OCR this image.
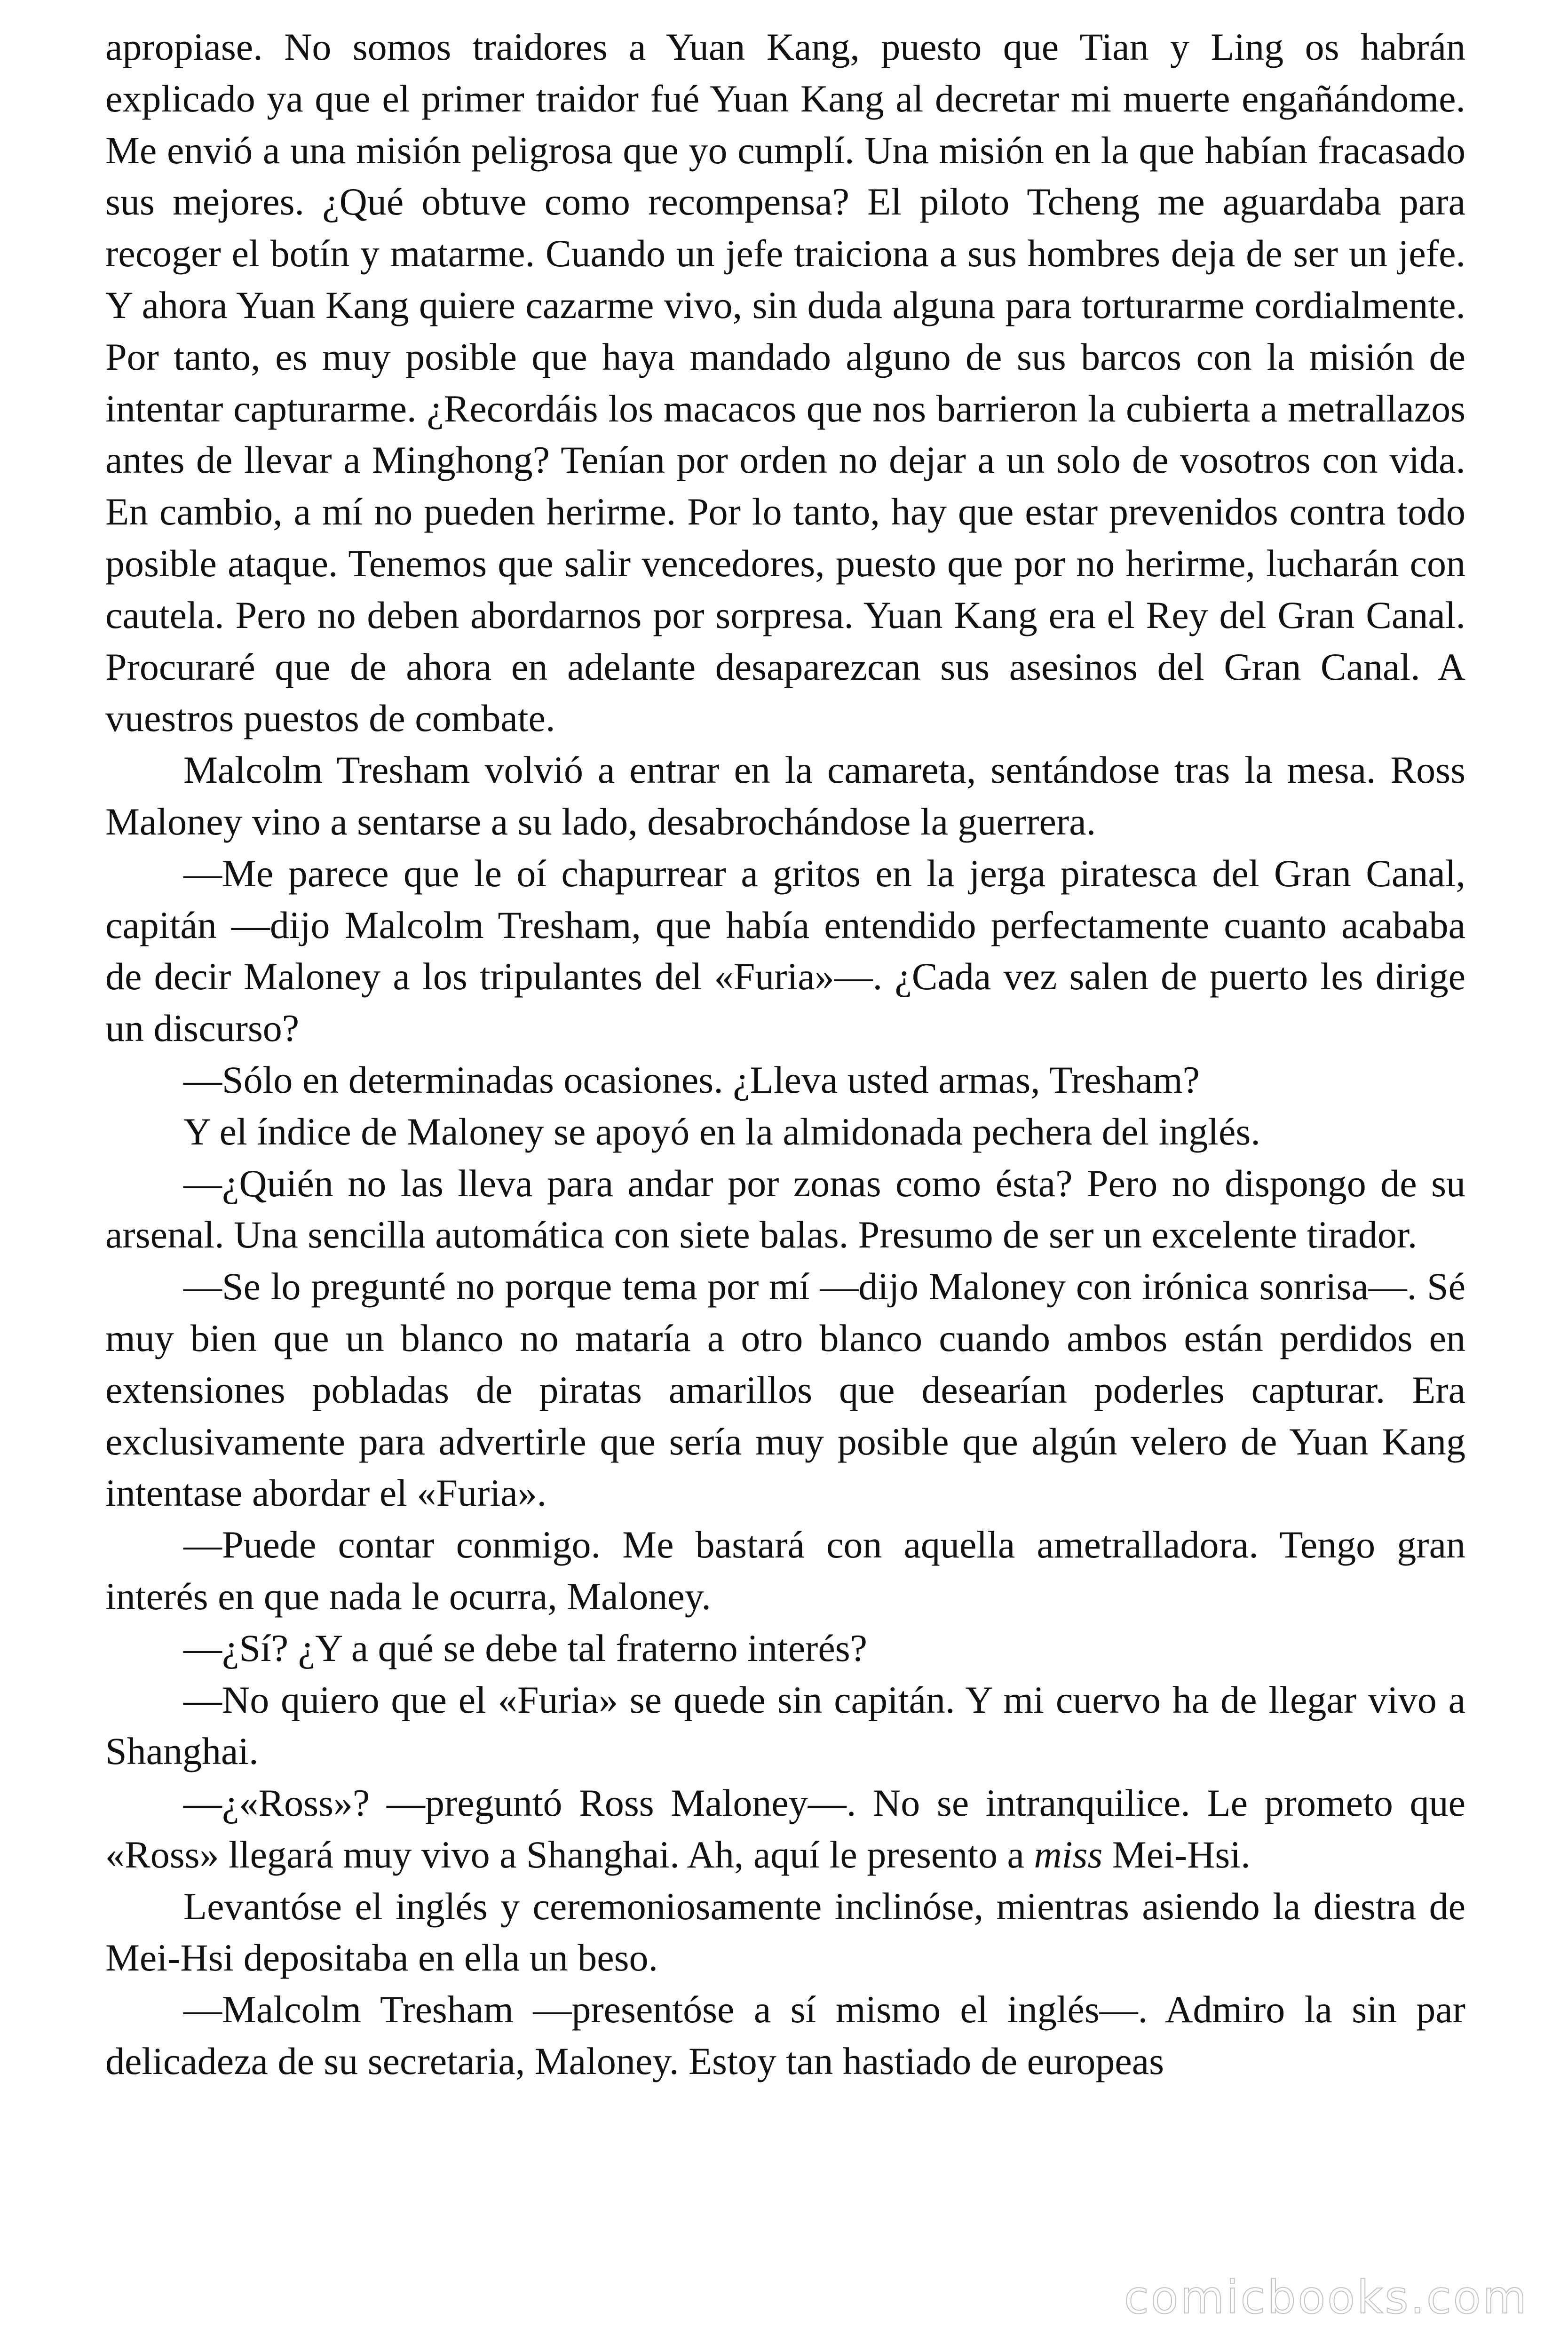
apropiase. No somos traidores a Yuan Kang, puesto que Tian y Ling os habrán explicado ya que el primer traidor fué Yuan Kang al decretar mi muerte engañándome. Me envió a una misión peligrosa que yo cumplí. Una misión en la que habían fracasado sus mejores. ¿Qué obtuve como recompensa? El piloto Tcheng me aguardaba para recoger el botín y matarme. Cuando un jefe traiciona a sus hombres deja de ser un jefe. Y ahora Yuan Kang quiere cazarme vivo, sin duda alguna para torturarme cordialmente. Por tanto, es muy posible que haya mandado alguno de sus barcos con la misión de intentar capturarme. ¿Recordáis los macacos que nos barrieron la cubierta a metrallazos antes de llevar a Minghong? Tenían por orden no dejar a un solo de vosotros con vida. En cambio, a mí no pueden herirme. Por lo tanto, hay que estar prevenidos contra todo posible ataque. Tenemos que salir vencedores, puesto que por no herirme, lucharán con cautela. Pero no deben abordarnos por sorpresa. Yuan Kang era el Rey del Gran Canal. Procuraré que de ahora en adelante desaparezcan sus asesinos del Gran Canal. A vuestros puestos de combate.

Malcolm Tresham volvió a entrar en la camareta, sentándose tras la mesa. Ross Maloney vino a sentarse a su lado, desabrochándose la guerrera.

—Me parece que le oí chapurrear a gritos en la jerga piratesca del Gran Canal, capitán —dijo Malcolm Tresham, que había entendido perfectamente cuanto acababa de decir Maloney a los tripulantes del «Furia»—. ¿Cada vez salen de puerto les dirige un discurso?

—Sólo en determinadas ocasiones. ¿Lleva usted armas, Tresham?

Y el índice de Maloney se apoyó en la almidonada pechera del inglés.

—¿Quién no las lleva para andar por zonas como ésta? Pero no dispongo de su arsenal. Una sencilla automática con siete balas. Presumo de ser un excelente tirador.

—Se lo pregunté no porque tema por mí —dijo Maloney con irónica sonrisa—. Sé muy bien que un blanco no mataría a otro blanco cuando ambos están perdidos en extensiones pobladas de piratas amarillos que desearían poderles capturar. Era exclusivamente para advertirle que sería muy posible que algún velero de Yuan Kang intentase abordar el «Furia».

—Puede contar conmigo. Me bastará con aquella ametralladora. Tengo gran interés en que nada le ocurra, Maloney.

—¿Sí? ¿Y a qué se debe tal fraterno interés?

—No quiero que el «Furia» se quede sin capitán. Y mi cuervo ha de llegar vivo a Shanghai.

—¿«Ross»? —preguntó Ross Maloney—. No se intranquilice. Le prometo que «Ross» llegará muy vivo a Shanghai. Ah, aquí le presento a miss Mei-Hsi.

Levantóse el inglés y ceremoniosamente inclinóse, mientras asiendo la diestra de Mei-Hsi depositaba en ella un beso.

—Malcolm Tresham —presentóse a sí mismo el inglés—. Admiro la sin par delicadeza de su secretaria, Maloney. Estoy tan hastiado de europeas

comicbooks.com
